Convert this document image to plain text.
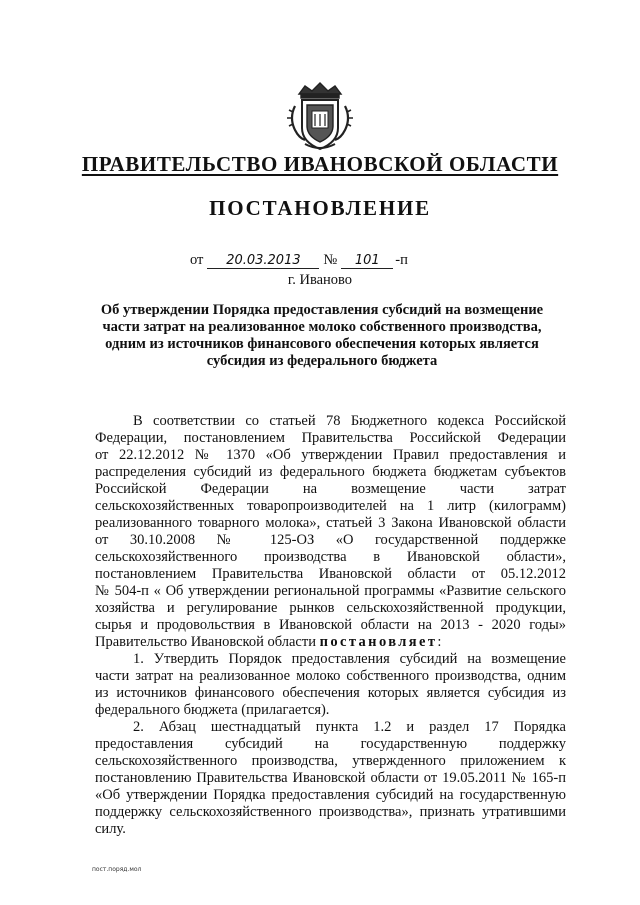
ПРАВИТЕЛЬСТВО ИВАНОВСКОЙ ОБЛАСТИ
ПОСТАНОВЛЕНИЕ
от 20.03.2013 № 101 -п
г. Иваново
Об утверждении Порядка предоставления субсидий на возмещение
части затрат на реализованное молоко собственного производства,
одним из источников финансового обеспечения которых является
субсидия из федерального бюджета
В соответствии со статьей 78 Бюджетного кодекса Российской
Федерации, постановлением Правительства Российской Федерации
от 22.12.2012 № 1370 «Об утверждении Правил предоставления и
распределения субсидий из федерального бюджета бюджетам субъектов
Российской Федерации на возмещение части затрат
сельскохозяйственных товаропроизводителей на 1 литр (килограмм)
реализованного товарного молока», статьей 3 Закона Ивановской области
от 30.10.2008 № 125-ОЗ «О государственной поддержке
сельскохозяйственного производства в Ивановской области»,
постановлением Правительства Ивановской области от 05.12.2012
№ 504-п « Об утверждении региональной программы «Развитие сельского
хозяйства и регулирование рынков сельскохозяйственной продукции,
сырья и продовольствия в Ивановской области на 2013 - 2020 годы»
Правительство Ивановской области постановляет:
1. Утвердить Порядок предоставления субсидий на возмещение
части затрат на реализованное молоко собственного производства, одним
из источников финансового обеспечения которых является субсидия из
федерального бюджета (прилагается).
2. Абзац шестнадцатый пункта 1.2 и раздел 17 Порядка
предоставления субсидий на государственную поддержку
сельскохозяйственного производства, утвержденного приложением к
постановлению Правительства Ивановской области от 19.05.2011 № 165-п
«Об утверждении Порядка предоставления субсидий на государственную
поддержку сельскохозяйственного производства», признать утратившими
силу.
пост.поряд.мол
